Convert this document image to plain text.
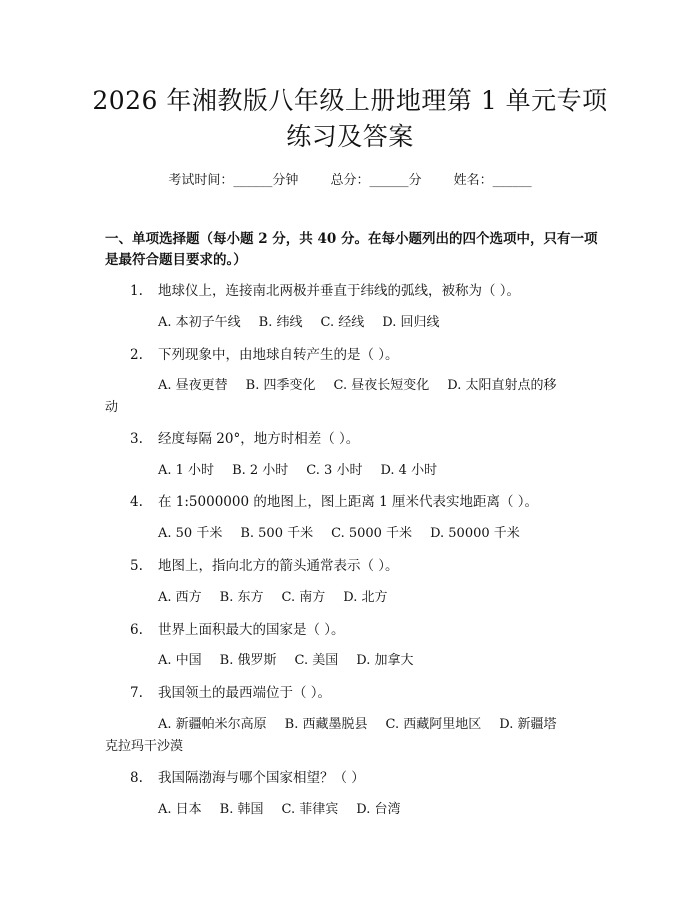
2026 年湘教版八年级上册地理第 1 单元专项
练习及答案
考试时间：______分钟 总分：______分 姓名：______
一、单项选择题（每小题 2 分，共 40 分。在每小题列出的四个选项中，只有一项
是最符合题目要求的。）
1. 地球仪上，连接南北两极并垂直于纬线的弧线，被称为（ ）。
A. 本初子午线 B. 纬线 C. 经线 D. 回归线
2. 下列现象中，由地球自转产生的是（ ）。
A. 昼夜更替 B. 四季变化 C. 昼夜长短变化 D. 太阳直射点的移
动
3. 经度每隔 20°，地方时相差（ ）。
A. 1 小时 B. 2 小时 C. 3 小时 D. 4 小时
4. 在 1:5000000 的地图上，图上距离 1 厘米代表实地距离（ ）。
A. 50 千米 B. 500 千米 C. 5000 千米 D. 50000 千米
5. 地图上，指向北方的箭头通常表示（ ）。
A. 西方 B. 东方 C. 南方 D. 北方
6. 世界上面积最大的国家是（ ）。
A. 中国 B. 俄罗斯 C. 美国 D. 加拿大
7. 我国领土的最西端位于（ ）。
A. 新疆帕米尔高原 B. 西藏墨脱县 C. 西藏阿里地区 D. 新疆塔
克拉玛干沙漠
8. 我国隔渤海与哪个国家相望？（ ）
A. 日本 B. 韩国 C. 菲律宾 D. 台湾
